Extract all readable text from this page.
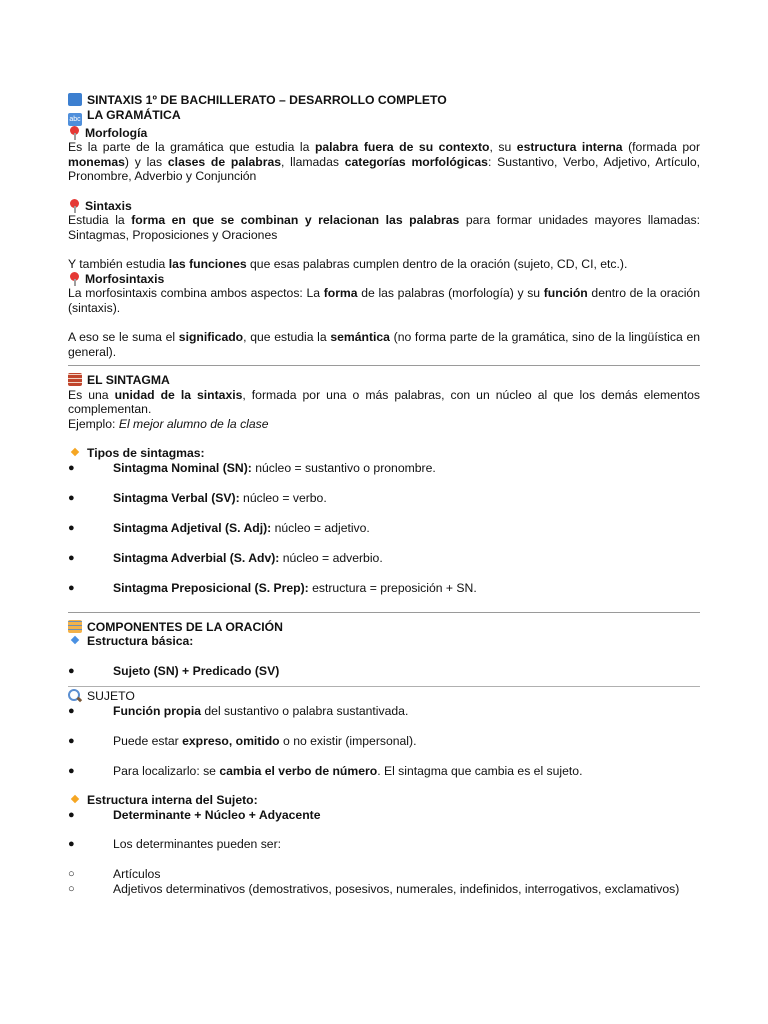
SINTAXIS 1º DE BACHILLERATO – DESARROLLO COMPLETO
abc LA GRAMÁTICA
Morfología
Es la parte de la gramática que estudia la palabra fuera de su contexto, su estructura interna (formada por monemas) y las clases de palabras, llamadas categorías morfológicas: Sustantivo, Verbo, Adjetivo, Artículo, Pronombre, Adverbio y Conjunción
Sintaxis
Estudia la forma en que se combinan y relacionan las palabras para formar unidades mayores llamadas: Sintagmas, Proposiciones y Oraciones
Y también estudia las funciones que esas palabras cumplen dentro de la oración (sujeto, CD, CI, etc.).
Morfosintaxis
La morfosintaxis combina ambos aspectos: La forma de las palabras (morfología) y su función dentro de la oración (sintaxis).
A eso se le suma el significado, que estudia la semántica (no forma parte de la gramática, sino de la lingüística en general).
EL SINTAGMA
Es una unidad de la sintaxis, formada por una o más palabras, con un núcleo al que los demás elementos complementan.
Ejemplo: El mejor alumno de la clase
Tipos de sintagmas:
●	Sintagma Nominal (SN): núcleo = sustantivo o pronombre.
●	Sintagma Verbal (SV): núcleo = verbo.
●	Sintagma Adjetival (S. Adj): núcleo = adjetivo.
●	Sintagma Adverbial (S. Adv): núcleo = adverbio.
●	Sintagma Preposicional (S. Prep): estructura = preposición + SN.
COMPONENTES DE LA ORACIÓN
Estructura básica:
●	Sujeto (SN) + Predicado (SV)
SUJETO
●	Función propia del sustantivo o palabra sustantivada.
●	Puede estar expreso, omitido o no existir (impersonal).
●	Para localizarlo: se cambia el verbo de número. El sintagma que cambia es el sujeto.
Estructura interna del Sujeto:
●	Determinante + Núcleo + Adyacente
●	Los determinantes pueden ser:
○	Artículos
○	Adjetivos determinativos (demostrativos, posesivos, numerales, indefinidos, interrogativos, exclamativos)
